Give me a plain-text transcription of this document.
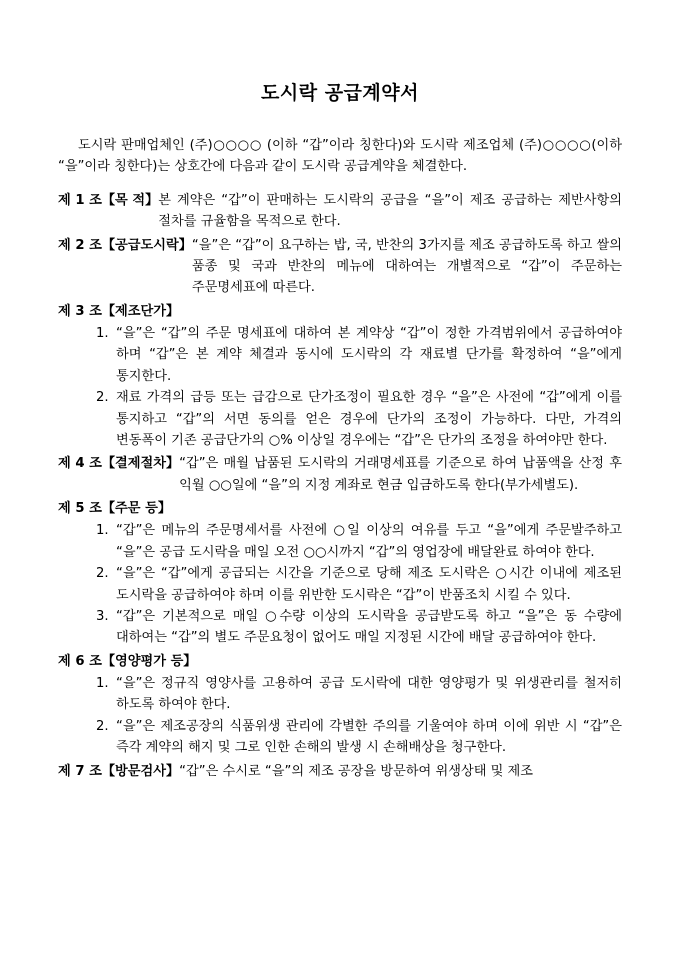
도시락 공급계약서

도시락 판매업체인 (주)○○○○ (이하 “갑”이라 칭한다)와 도시락 제조업체 (주)○○○○(이하 “을”이라 칭한다)는 상호간에 다음과 같이 도시락 공급계약을 체결한다.

제 1 조【목 적】 본 계약은 “갑”이 판매하는 도시락의 공급을 “을”이 제조 공급하는 제반사항의 절차를 규율함을 목적으로 한다.
제 2 조【공급도시락】 “을”은 “갑”이 요구하는 밥, 국, 반찬의 3가지를 제조 공급하도록 하고 쌀의 품종 및 국과 반찬의 메뉴에 대하여는 개별적으로 “갑”이 주문하는 주문명세표에 따른다.
제 3 조【제조단가】
1. “을”은 “갑”의 주문 명세표에 대하여 본 계약상 “갑”이 정한 가격범위에서 공급하여야 하며 “갑”은 본 계약 체결과 동시에 도시락의 각 재료별 단가를 확정하여 “을”에게 통지한다.
2. 재료 가격의 급등 또는 급감으로 단가조정이 필요한 경우 “을”은 사전에 “갑”에게 이를 통지하고 “갑”의 서면 동의를 얻은 경우에 단가의 조정이 가능하다. 다만, 가격의 변동폭이 기존 공급단가의 ○% 이상일 경우에는 “갑”은 단가의 조정을 하여야만 한다.
제 4 조【결제절차】 “갑”은 매월 납품된 도시락의 거래명세표를 기준으로 하여 납품액을 산정 후 익월 ○○일에 “을”의 지정 계좌로 현금 입금하도록 한다(부가세별도).
제 5 조【주문 등】
1. “갑”은 메뉴의 주문명세서를 사전에 ○일 이상의 여유를 두고 “을”에게 주문발주하고 “을”은 공급 도시락을 매일 오전 ○○시까지 “갑”의 영업장에 배달완료 하여야 한다.
2. “을”은 “갑”에게 공급되는 시간을 기준으로 당해 제조 도시락은 ○시간 이내에 제조된 도시락을 공급하여야 하며 이를 위반한 도시락은 “갑”이 반품조치 시킬 수 있다.
3. “갑”은 기본적으로 매일 ○수량 이상의 도시락을 공급받도록 하고 “을”은 동 수량에 대하여는 “갑”의 별도 주문요청이 없어도 매일 지정된 시간에 배달 공급하여야 한다.
제 6 조【영양평가 등】
1. “을”은 정규직 영양사를 고용하여 공급 도시락에 대한 영양평가 및 위생관리를 철저히 하도록 하여야 한다.
2. “을”은 제조공장의 식품위생 관리에 각별한 주의를 기울여야 하며 이에 위반 시 “갑”은 즉각 계약의 해지 및 그로 인한 손해의 발생 시 손해배상을 청구한다.
제 7 조【방문검사】 “갑”은 수시로 “을”의 제조 공장을 방문하여 위생상태 및 제조
